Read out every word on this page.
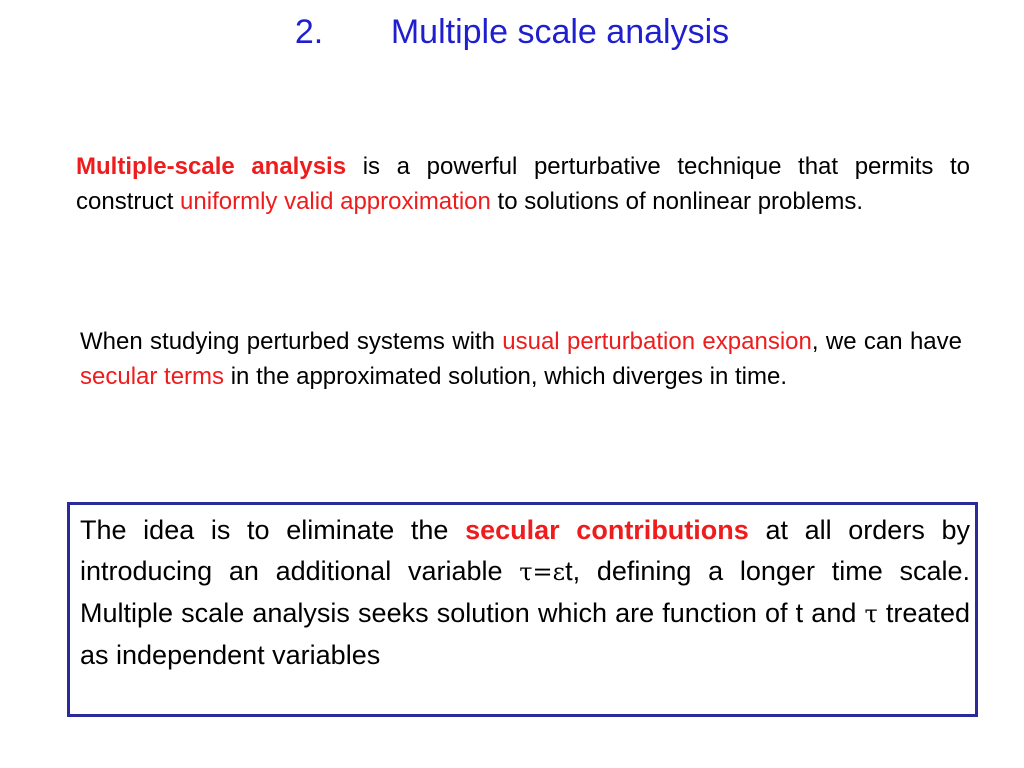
2. Multiple scale analysis
Multiple-scale analysis is a powerful perturbative technique that permits to construct uniformly valid approximation to solutions of nonlinear problems.
When studying perturbed systems with usual perturbation expansion, we can have secular terms in the approximated solution, which diverges in time.
The idea is to eliminate the secular contributions at all orders by introducing an additional variable τ=εt, defining a longer time scale. Multiple scale analysis seeks solution which are function of t and τ treated as independent variables
